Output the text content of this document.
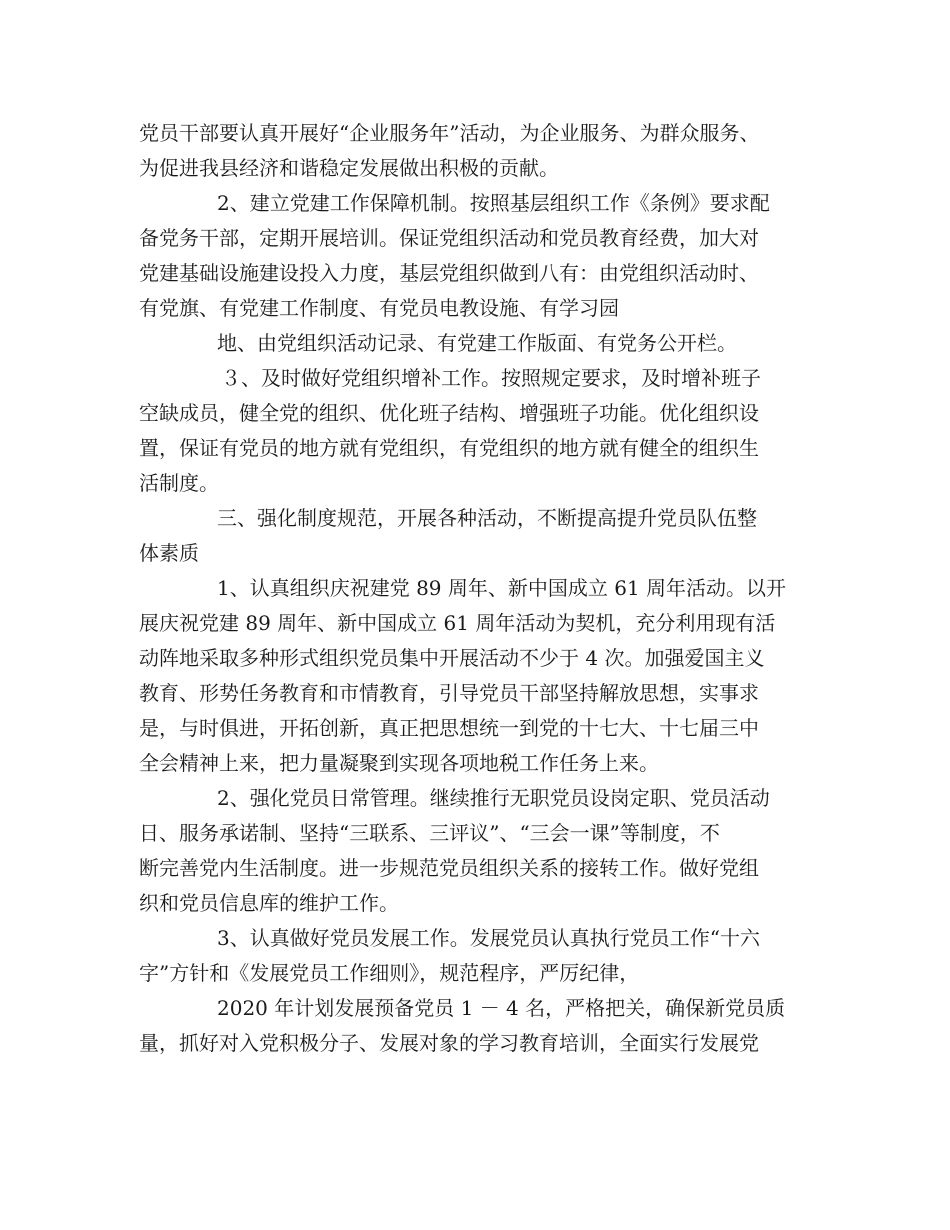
党员干部要认真开展好“企业服务年”活动，为企业服务、为群众服务、
为促进我县经济和谐稳定发展做出积极的贡献。
2、建立党建工作保障机制。按照基层组织工作《条例》要求配
备党务干部，定期开展培训。保证党组织活动和党员教育经费，加大对
党建基础设施建设投入力度，基层党组织做到八有：由党组织活动时、
有党旗、有党建工作制度、有党员电教设施、有学习园
地、由党组织活动记录、有党建工作版面、有党务公开栏。
３、及时做好党组织增补工作。按照规定要求，及时增补班子
空缺成员，健全党的组织、优化班子结构、增强班子功能。优化组织设
置，保证有党员的地方就有党组织，有党组织的地方就有健全的组织生
活制度。
三、强化制度规范，开展各种活动，不断提高提升党员队伍整
体素质
1、认真组织庆祝建党 89 周年、新中国成立 61 周年活动。以开
展庆祝党建 89 周年、新中国成立 61 周年活动为契机，充分利用现有活
动阵地采取多种形式组织党员集中开展活动不少于 4 次。加强爱国主义
教育、形势任务教育和市情教育，引导党员干部坚持解放思想，实事求
是，与时俱进，开拓创新，真正把思想统一到党的十七大、十七届三中
全会精神上来，把力量凝聚到实现各项地税工作任务上来。
2、强化党员日常管理。继续推行无职党员设岗定职、党员活动
日、服务承诺制、坚持“三联系、三评议”、“三会一课”等制度，不
断完善党内生活制度。进一步规范党员组织关系的接转工作。做好党组
织和党员信息库的维护工作。
3、认真做好党员发展工作。发展党员认真执行党员工作“十六
字”方针和《发展党员工作细则》，规范程序，严厉纪律，
2020 年计划发展预备党员 1 － 4 名，严格把关，确保新党员质
量，抓好对入党积极分子、发展对象的学习教育培训，全面实行发展党
